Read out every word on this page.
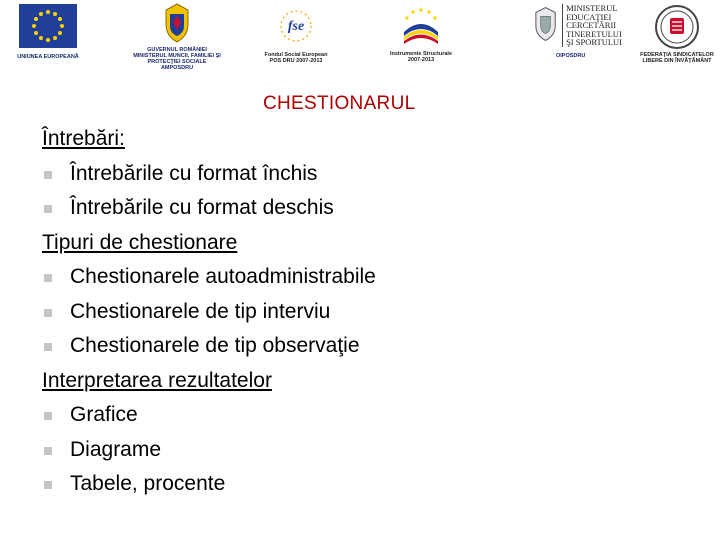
UNIUNEA EUROPEANĂ
GUVERNUL ROMÂNIEI
MINISTERUL MUNCII, FAMILIEI ŞI
PROTECŢIEI SOCIALE
AMPOSDRU
fse
Fondul Social European
POS DRU 2007-2013
Instrumente Structurale
2007-2013
MINISTERUL
EDUCAŢIEI
CERCETĂRII
TINERETULUI
ŞI SPORTULUI
OIPOSDRU	FEDERAŢIA SINDICATELOR
LIBERE DIN ÎNVĂŢĂMÂNT
CHESTIONARUL
Întrebări:
Întrebările cu format închis
Întrebările cu format deschis
Tipuri de chestionare
Chestionarele autoadministrabile
Chestionarele de tip interviu
Chestionarele de tip observaţie
Interpretarea rezultatelor
Grafice
Diagrame
Tabele, procente
